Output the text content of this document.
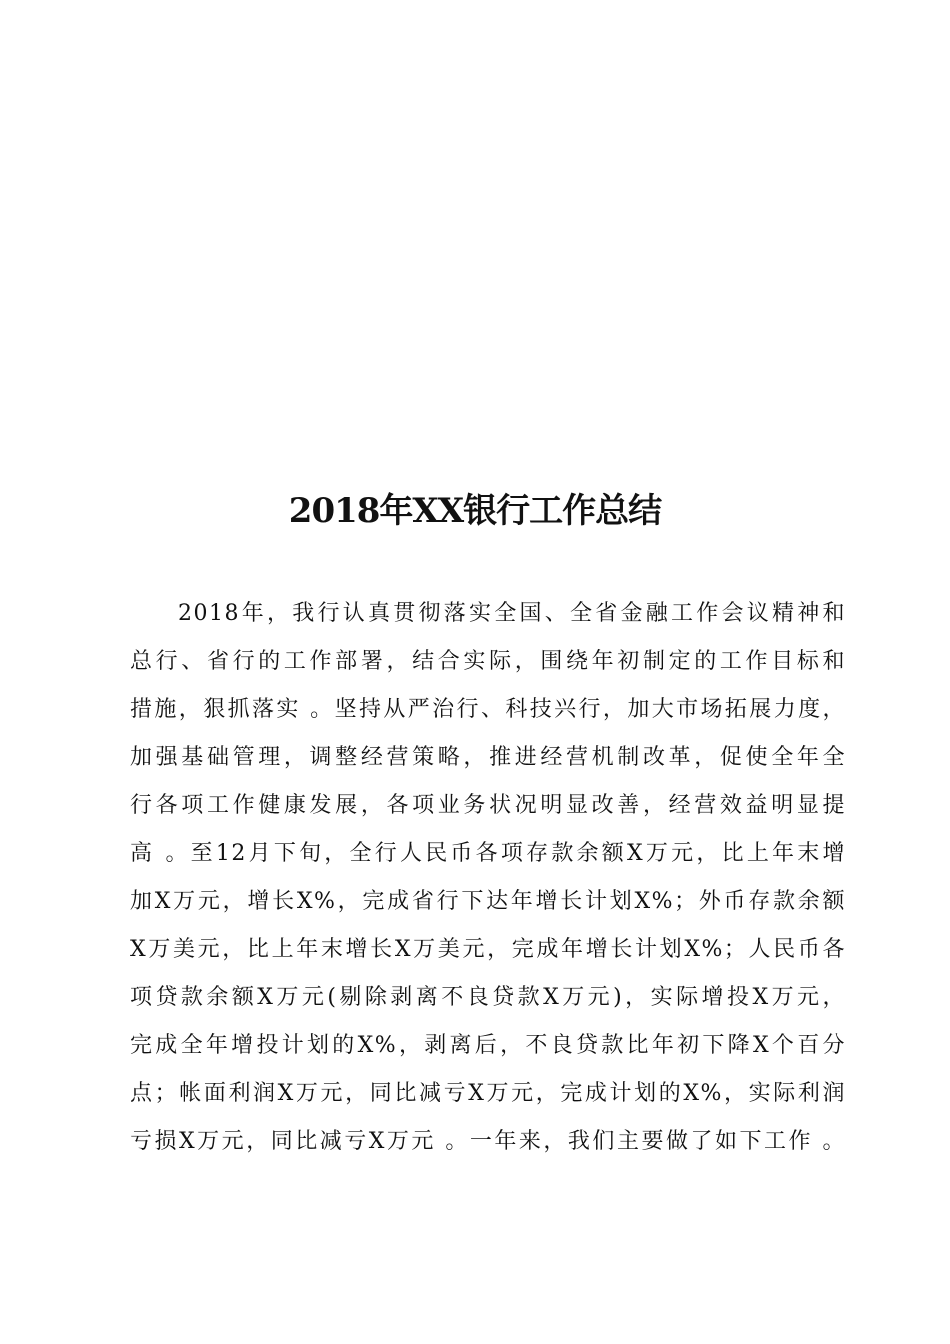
2018年XX银行工作总结
2018年，我行认真贯彻落实全国、全省金融工作会议精神和
总行、省行的工作部署，结合实际，围绕年初制定的工作目标和
措施，狠抓落实 。坚持从严治行、科技兴行，加大市场拓展力度，
加强基础管理，调整经营策略，推进经营机制改革，促使全年全
行各项工作健康发展，各项业务状况明显改善，经营效益明显提
高 。至12月下旬，全行人民币各项存款余额X万元，比上年末增
加X万元，增长X%，完成省行下达年增长计划X%；外币存款余额
X万美元，比上年末增长X万美元，完成年增长计划X%；人民币各
项贷款余额X万元(剔除剥离不良贷款X万元)，实际增投X万元，
完成全年增投计划的X%，剥离后，不良贷款比年初下降X个百分
点；帐面利润X万元，同比减亏X万元，完成计划的X%，实际利润
亏损X万元，同比减亏X万元 。一年来，我们主要做了如下工作 。
